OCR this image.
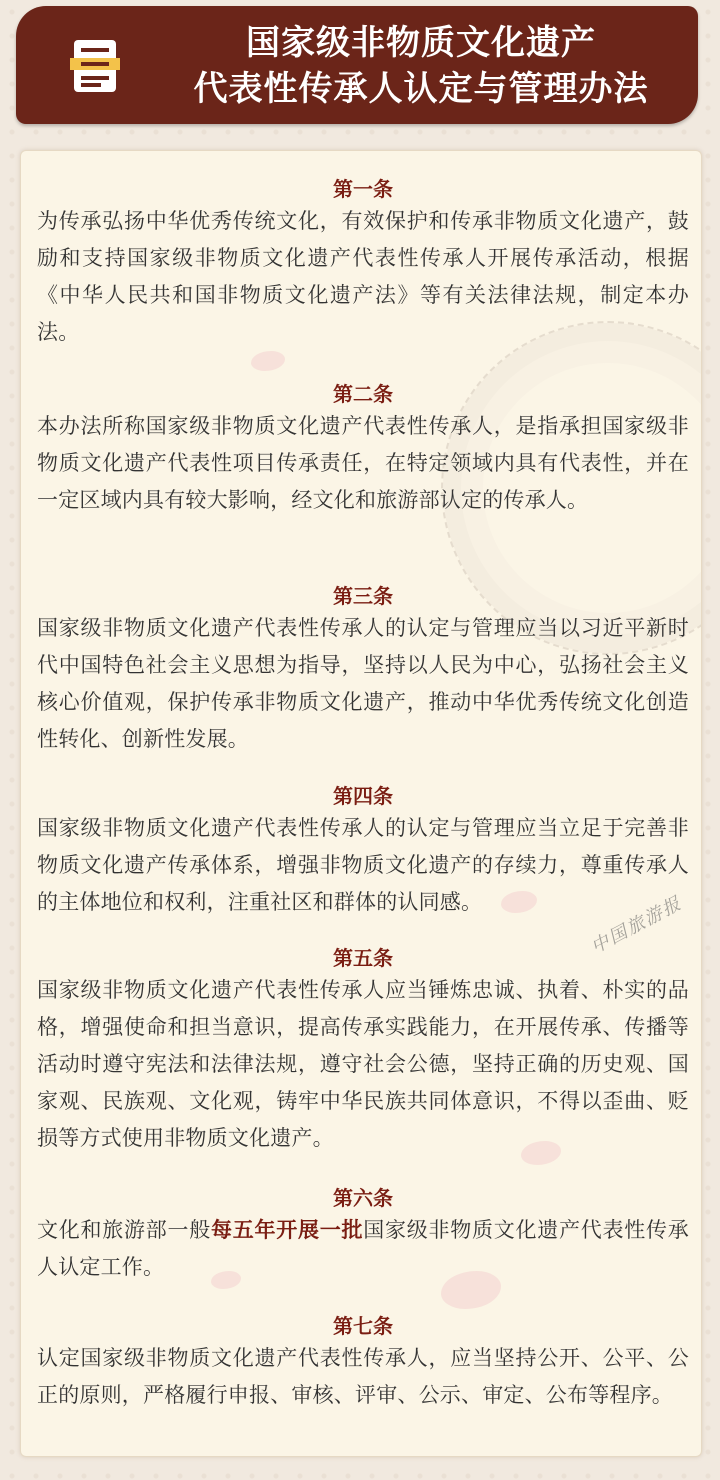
国家级非物质文化遗产
代表性传承人认定与管理办法
中国旅游报
第一条
为传承弘扬中华优秀传统文化，有效保护和传承非物质文化遗产，鼓励和支持国家级非物质文化遗产代表性传承人开展传承活动，根据《中华人民共和国非物质文化遗产法》等有关法律法规，制定本办法。
第二条
本办法所称国家级非物质文化遗产代表性传承人，是指承担国家级非物质文化遗产代表性项目传承责任，在特定领域内具有代表性，并在一定区域内具有较大影响，经文化和旅游部认定的传承人。
第三条
国家级非物质文化遗产代表性传承人的认定与管理应当以习近平新时代中国特色社会主义思想为指导，坚持以人民为中心，弘扬社会主义核心价值观，保护传承非物质文化遗产，推动中华优秀传统文化创造性转化、创新性发展。
第四条
国家级非物质文化遗产代表性传承人的认定与管理应当立足于完善非物质文化遗产传承体系，增强非物质文化遗产的存续力，尊重传承人的主体地位和权利，注重社区和群体的认同感。
第五条
国家级非物质文化遗产代表性传承人应当锤炼忠诚、执着、朴实的品格，增强使命和担当意识，提高传承实践能力，在开展传承、传播等活动时遵守宪法和法律法规，遵守社会公德，坚持正确的历史观、国家观、民族观、文化观，铸牢中华民族共同体意识，不得以歪曲、贬损等方式使用非物质文化遗产。
第六条
文化和旅游部一般每五年开展一批国家级非物质文化遗产代表性传承人认定工作。
第七条
认定国家级非物质文化遗产代表性传承人，应当坚持公开、公平、公正的原则，严格履行申报、审核、评审、公示、审定、公布等程序。
